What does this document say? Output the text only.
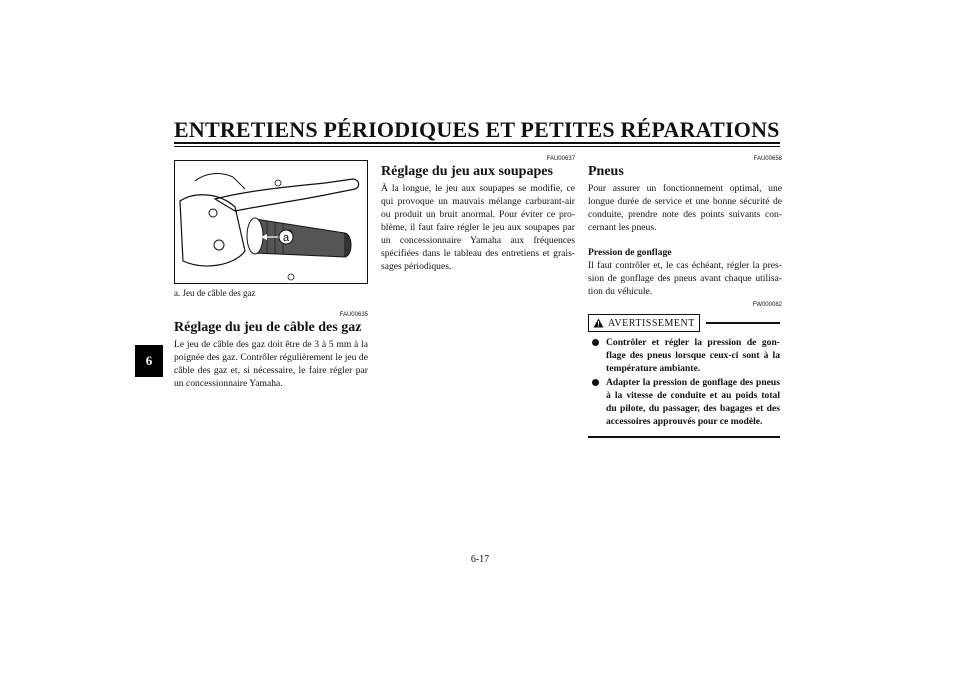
ENTRETIENS PÉRIODIQUES ET PETITES RÉPARATIONS
6
a
a. Jeu de câble des gaz
FAU00635
Réglage du jeu de câble des gaz

Le jeu de câble des gaz doit être de 3 à 5 mm à la poignée des gaz. Contrôler régulièrement le jeu de câble des gaz et, si nécessaire, le faire régler par un concessionnaire Yamaha.

FAU00637
Réglage du jeu aux soupapes

À la longue, le jeu aux soupapes se modifie, ce qui provoque un mauvais mélange carburant-air ou produit un bruit anormal. Pour éviter ce pro-blème, il faut faire régler le jeu aux soupapes par un concessionnaire Yamaha aux fréquences spécifiées dans le tableau des entretiens et grais-sages périodiques.

FAU00658
Pneus

Pour assurer un fonctionnement optimal, une longue durée de service et une bonne sécurité de conduite, prendre note des points suivants con-cernant les pneus.

Pression de gonflage

Il faut contrôler et, le cas échéant, régler la pres-sion de gonflage des pneus avant chaque utilisa-tion du véhicule.

FW000082
AVERTISSEMENT
Contrôler et régler la pression de gon-flage des pneus lorsque ceux-ci sont à la température ambiante.
Adapter la pression de gonflage des pneus à la vitesse de conduite et au poids total du pilote, du passager, des bagages et des accessoires approuvés pour ce modèle.
6-17
